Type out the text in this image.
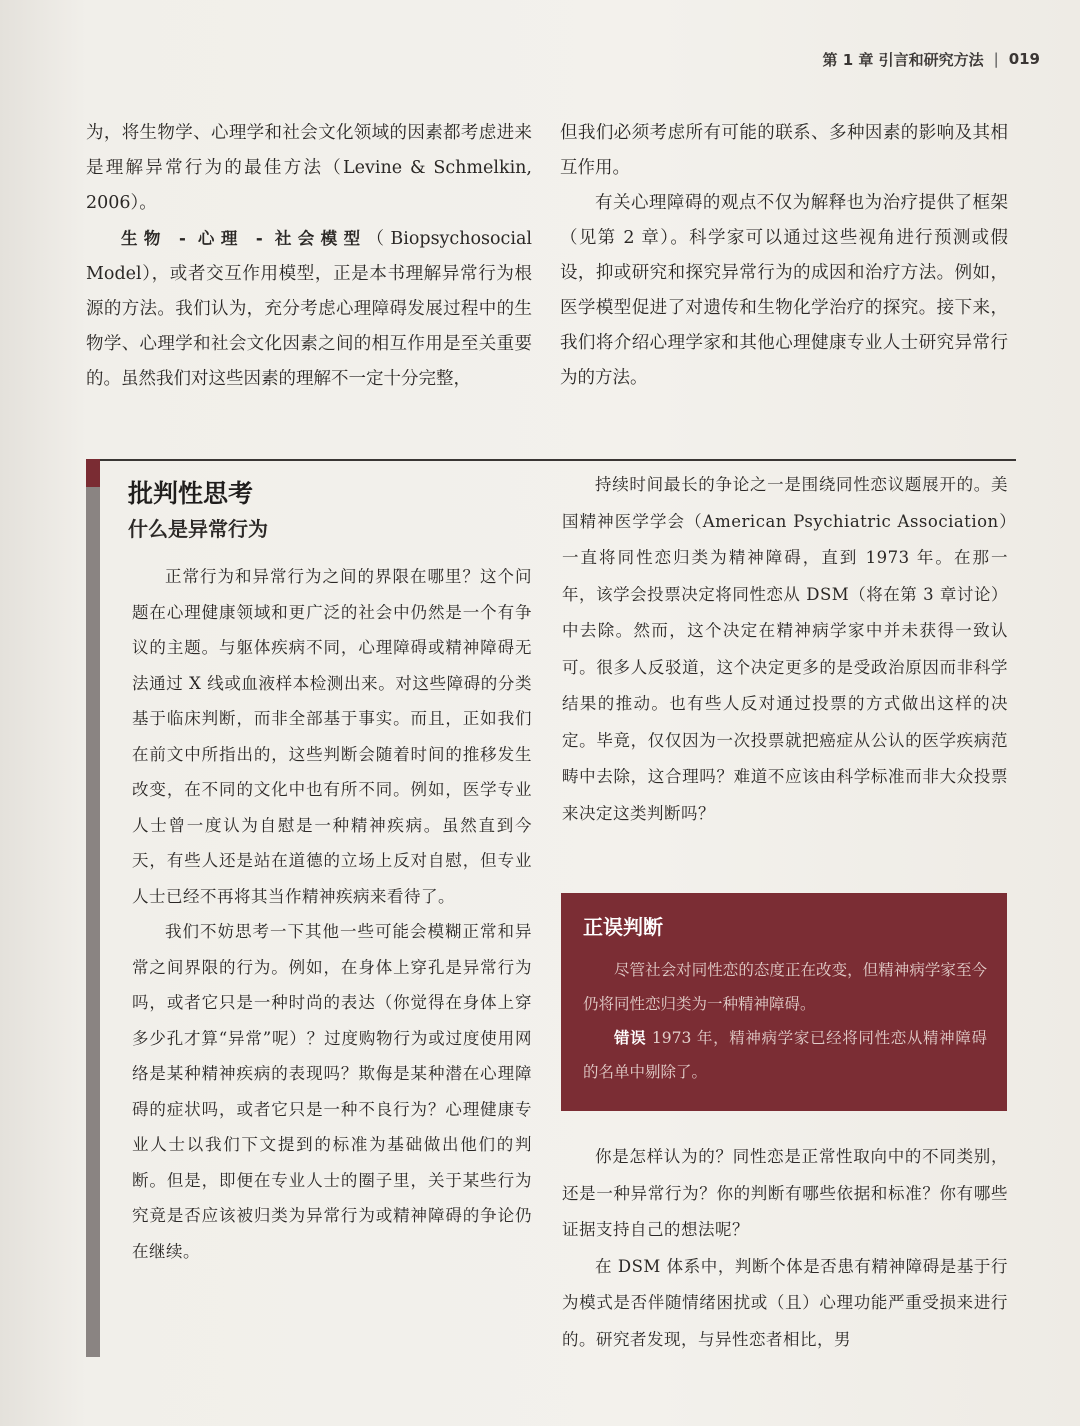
第 1 章 引言和研究方法 | 019

为，将生物学、心理学和社会文化领域的因素都考虑进来是理解异常行为的最佳方法（Levine & Schmelkin, 2006）。

生物 - 心理 - 社会模型（Biopsychosocial Model），或者交互作用模型，正是本书理解异常行为根源的方法。我们认为，充分考虑心理障碍发展过程中的生物学、心理学和社会文化因素之间的相互作用是至关重要的。虽然我们对这些因素的理解不一定十分完整，

但我们必须考虑所有可能的联系、多种因素的影响及其相互作用。

有关心理障碍的观点不仅为解释也为治疗提供了框架（见第 2 章）。科学家可以通过这些视角进行预测或假设，抑或研究和探究异常行为的成因和治疗方法。例如，医学模型促进了对遗传和生物化学治疗的探究。接下来，我们将介绍心理学家和其他心理健康专业人士研究异常行为的方法。

批判性思考
什么是异常行为

正常行为和异常行为之间的界限在哪里？这个问题在心理健康领域和更广泛的社会中仍然是一个有争议的主题。与躯体疾病不同，心理障碍或精神障碍无法通过 X 线或血液样本检测出来。对这些障碍的分类基于临床判断，而非全部基于事实。而且，正如我们在前文中所指出的，这些判断会随着时间的推移发生改变，在不同的文化中也有所不同。例如，医学专业人士曾一度认为自慰是一种精神疾病。虽然直到今天，有些人还是站在道德的立场上反对自慰，但专业人士已经不再将其当作精神疾病来看待了。

我们不妨思考一下其他一些可能会模糊正常和异常之间界限的行为。例如，在身体上穿孔是异常行为吗，或者它只是一种时尚的表达（你觉得在身体上穿多少孔才算“异常”呢）？过度购物行为或过度使用网络是某种精神疾病的表现吗？欺侮是某种潜在心理障碍的症状吗，或者它只是一种不良行为？心理健康专业人士以我们下文提到的标准为基础做出他们的判断。但是，即便在专业人士的圈子里，关于某些行为究竟是否应该被归类为异常行为或精神障碍的争论仍在继续。

持续时间最长的争论之一是围绕同性恋议题展开的。美国精神医学学会（American Psychiatric Association）一直将同性恋归类为精神障碍，直到 1973 年。在那一年，该学会投票决定将同性恋从 DSM（将在第 3 章讨论）中去除。然而，这个决定在精神病学家中并未获得一致认可。很多人反驳道，这个决定更多的是受政治原因而非科学结果的推动。也有些人反对通过投票的方式做出这样的决定。毕竟，仅仅因为一次投票就把癌症从公认的医学疾病范畴中去除，这合理吗？难道不应该由科学标准而非大众投票来决定这类判断吗？

正误判断

尽管社会对同性恋的态度正在改变，但精神病学家至今仍将同性恋归类为一种精神障碍。

错误 1973 年，精神病学家已经将同性恋从精神障碍的名单中剔除了。

你是怎样认为的？同性恋是正常性取向中的不同类别，还是一种异常行为？你的判断有哪些依据和标准？你有哪些证据支持自己的想法呢？

在 DSM 体系中，判断个体是否患有精神障碍是基于行为模式是否伴随情绪困扰或（且）心理功能严重受损来进行的。研究者发现，与异性恋者相比，男
